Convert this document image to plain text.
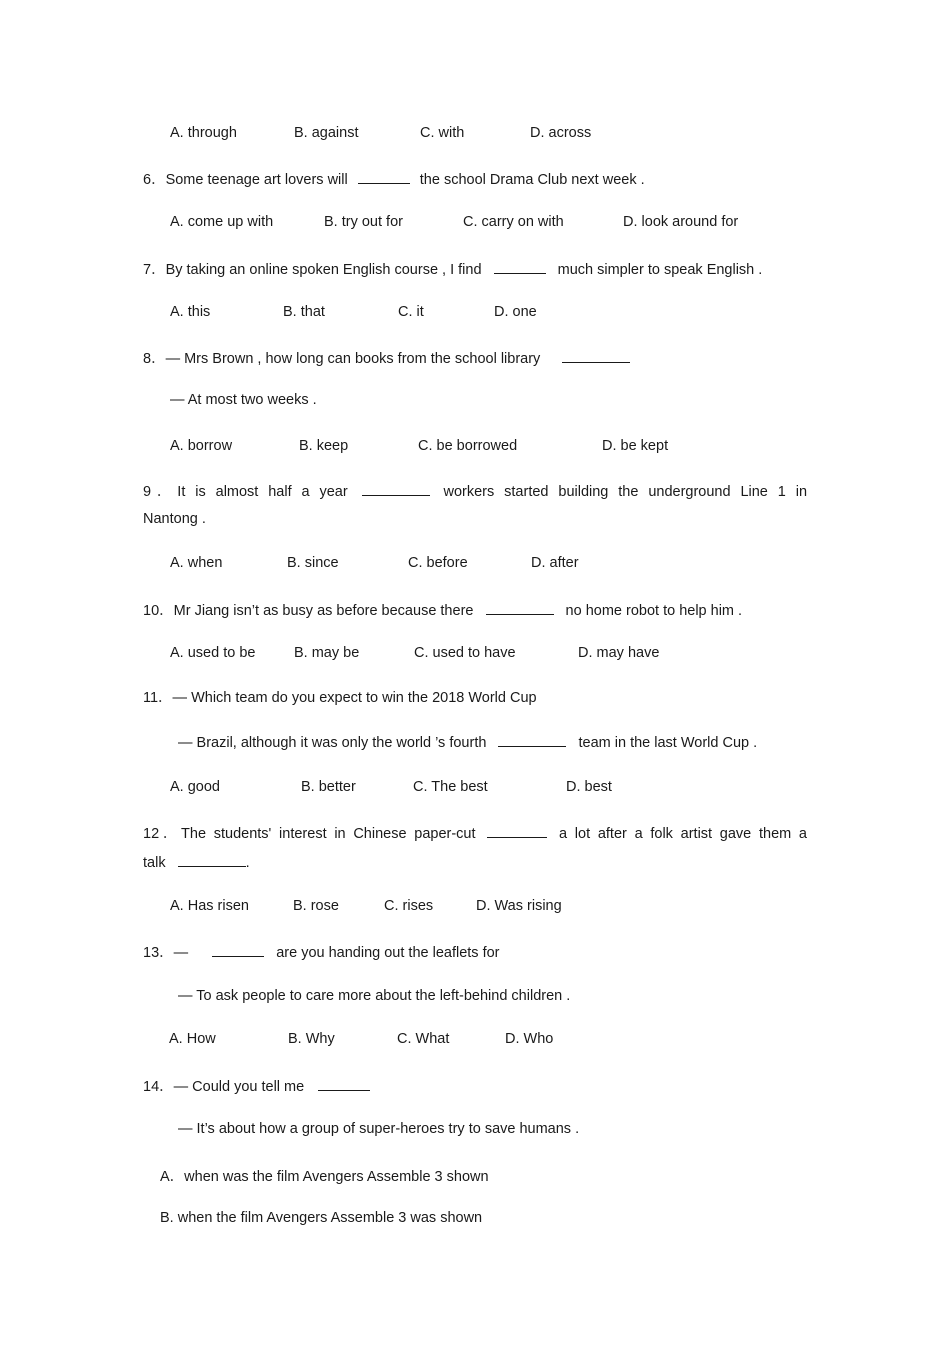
A. through	B. against	C. with	D. across
6．Some teenage art lovers will	the school Drama Club next week .
A. come up with	B. try out for	C. carry on with	D. look around for
7．By taking an online spoken English course , I find	much simpler to speak English .
A. this	B. that	C. it	D. one
8．— Mrs Brown , how long can books from the school library
— At most two weeks .
A. borrow	B. keep	C. be borrowed	D. be kept
9．It is almost half a year	workers started building the underground Line 1 in
Nantong .
A. when	B. since	C. before	D. after
10．Mr Jiang isn’t as busy as before because there	no home robot to help him .
A. used to be	B. may be	C. used to have	D. may have
11．— Which team do you expect to win the 2018 World Cup
— Brazil, although it was only the world ’s fourth	team in the last World Cup .
A. good	B. better	C. The best	D. best
12．The students' interest in Chinese paper-cut	a lot after a folk artist gave them a
talk	.
A. Has risen	B. rose	C. rises	D. Was rising
13．—	are you handing out the leaflets for
— To ask people to care more about the left-behind children .
A. How	B. Why	C. What	D. Who
14．— Could you tell me
— It’s about how a group of super-heroes try to save humans .
A．when was the film Avengers Assemble 3 shown
B. when the film Avengers Assemble 3 was shown
